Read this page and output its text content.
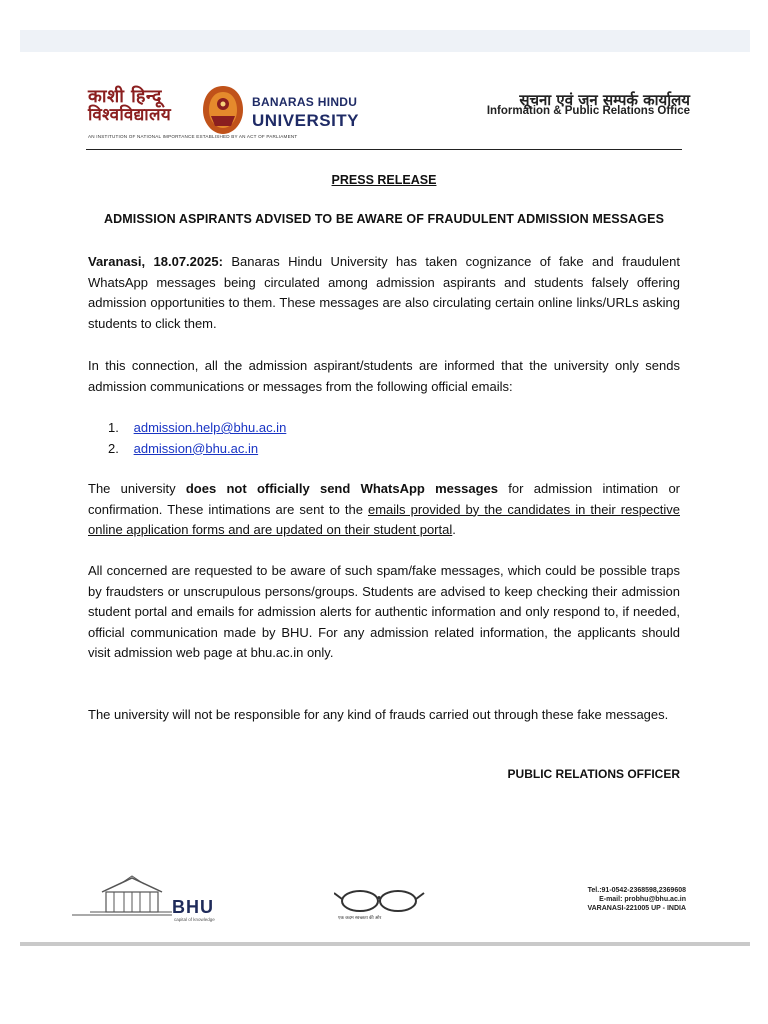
काशी हिन्दू
विश्वविद्यालय
BANARAS HINDU
UNIVERSITY
AN INSTITUTION OF NATIONAL IMPORTANCE ESTABLISHED BY AN ACT OF PARLIAMENT
सूचना एवं जन सम्पर्क कार्यालय
Information & Public Relations Office
PRESS RELEASE
ADMISSION ASPIRANTS ADVISED TO BE AWARE OF FRAUDULENT ADMISSION MESSAGES
Varanasi, 18.07.2025: Banaras Hindu University has taken cognizance of fake and fraudulent WhatsApp messages being circulated among admission aspirants and students falsely offering admission opportunities to them. These messages are also circulating certain online links/URLs asking students to click them.
In this connection, all the admission aspirant/students are informed that the university only sends admission communications or messages from the following official emails:
1. admission.help@bhu.ac.in
2. admission@bhu.ac.in
The university does not officially send WhatsApp messages for admission intimation or confirmation. These intimations are sent to the emails provided by the candidates in their respective online application forms and are updated on their student portal.
All concerned are requested to be aware of such spam/fake messages, which could be possible traps by fraudsters or unscrupulous persons/groups. Students are advised to keep checking their admission student portal and emails for admission alerts for authentic information and only respond to, if needed, official communication made by BHU. For any admission related information, the applicants should visit admission web page at bhu.ac.in only.
The university will not be responsible for any kind of frauds carried out through these fake messages.
PUBLIC RELATIONS OFFICER
BHU
capital of knowledge	एक कदम स्वच्छता की ओर
Tel.:91-0542-2368598,2369608
E-mail: probhu@bhu.ac.in
VARANASI-221005 UP - INDIA
